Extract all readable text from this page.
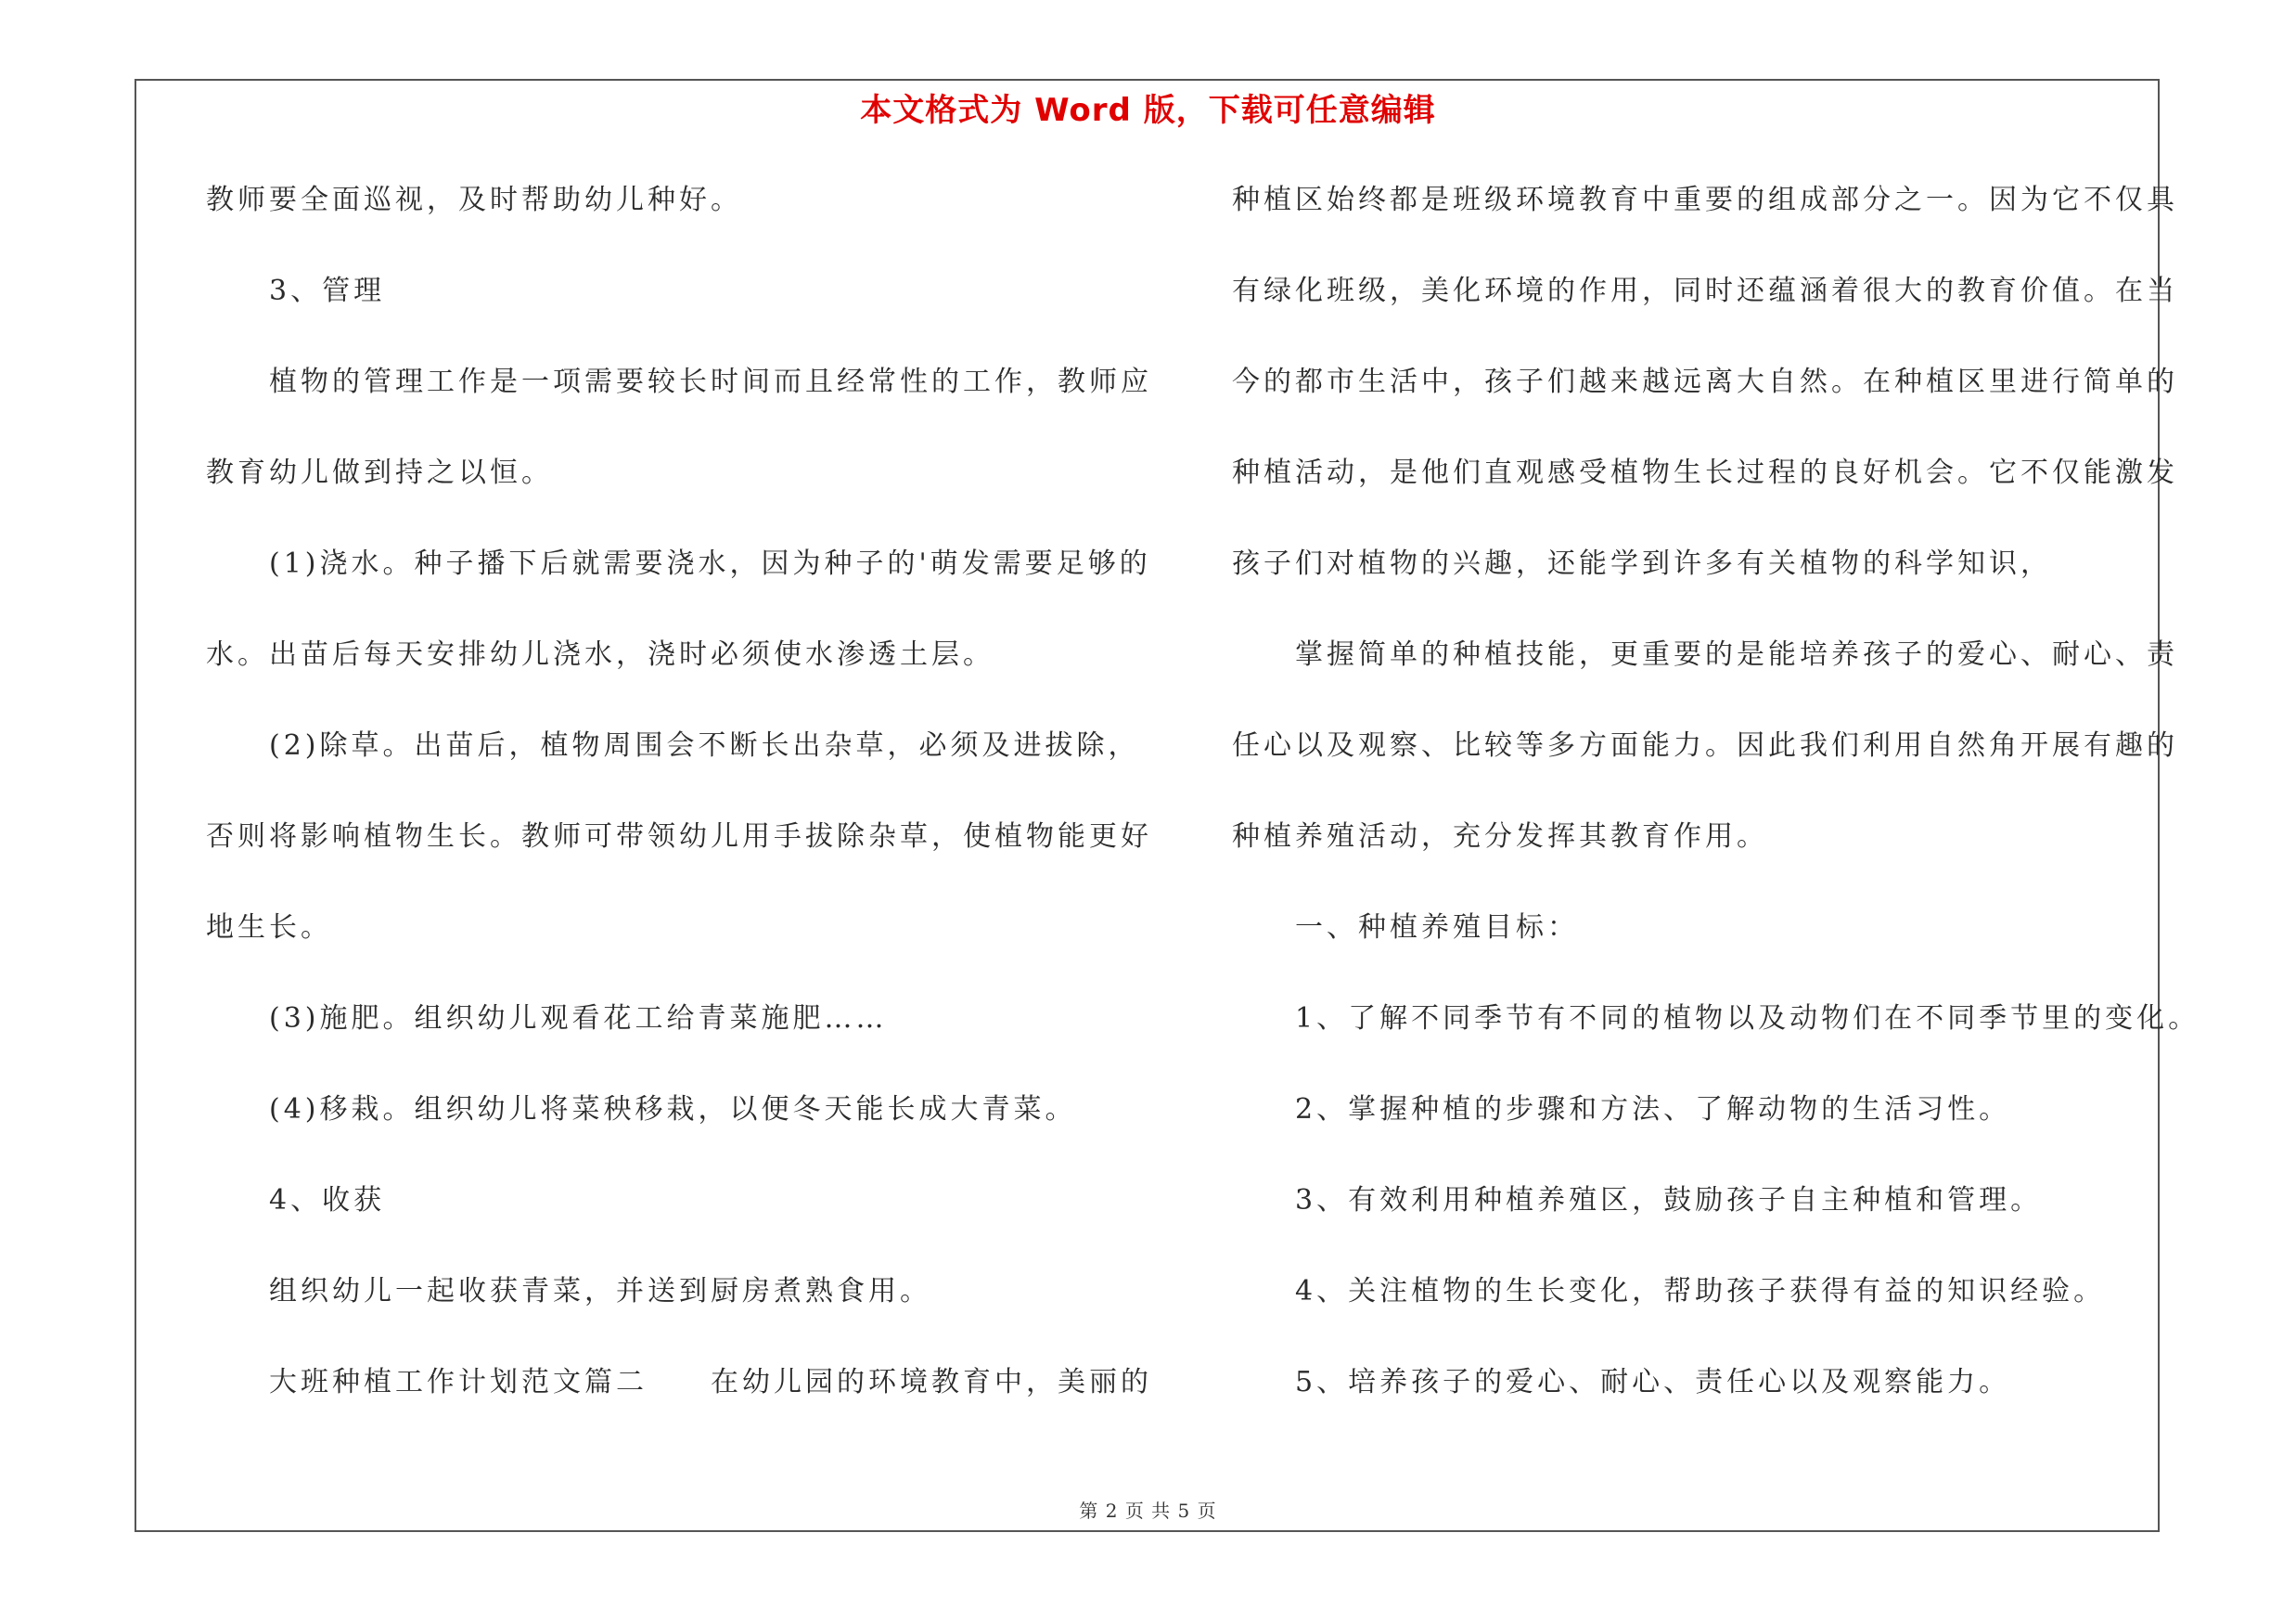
本文格式为 Word 版，下载可任意编辑

教师要全面巡视，及时帮助幼儿种好。

　　3、管理

　　植物的管理工作是一项需要较长时间而且经常性的工作，教师应

教育幼儿做到持之以恒。

　　(1)浇水。种子播下后就需要浇水，因为种子的'萌发需要足够的

水。出苗后每天安排幼儿浇水，浇时必须使水渗透土层。

　　(2)除草。出苗后，植物周围会不断长出杂草，必须及进拔除，

否则将影响植物生长。教师可带领幼儿用手拔除杂草，使植物能更好

地生长。

　　(3)施肥。组织幼儿观看花工给青菜施肥……

　　(4)移栽。组织幼儿将菜秧移栽，以便冬天能长成大青菜。

　　4、收获

　　组织幼儿一起收获青菜，并送到厨房煮熟食用。

　　大班种植工作计划范文篇二　　在幼儿园的环境教育中，美丽的

种植区始终都是班级环境教育中重要的组成部分之一。因为它不仅具

有绿化班级，美化环境的作用，同时还蕴涵着很大的教育价值。在当

今的都市生活中，孩子们越来越远离大自然。在种植区里进行简单的

种植活动，是他们直观感受植物生长过程的良好机会。它不仅能激发

孩子们对植物的兴趣，还能学到许多有关植物的科学知识，

　　掌握简单的种植技能，更重要的是能培养孩子的爱心、耐心、责

任心以及观察、比较等多方面能力。因此我们利用自然角开展有趣的

种植养殖活动，充分发挥其教育作用。

　　一、种植养殖目标：

　　1、了解不同季节有不同的植物以及动物们在不同季节里的变化。

　　2、掌握种植的步骤和方法、了解动物的生活习性。

　　3、有效利用种植养殖区，鼓励孩子自主种植和管理。

　　4、关注植物的生长变化，帮助孩子获得有益的知识经验。

　　5、培养孩子的爱心、耐心、责任心以及观察能力。

第 2 页 共 5 页
